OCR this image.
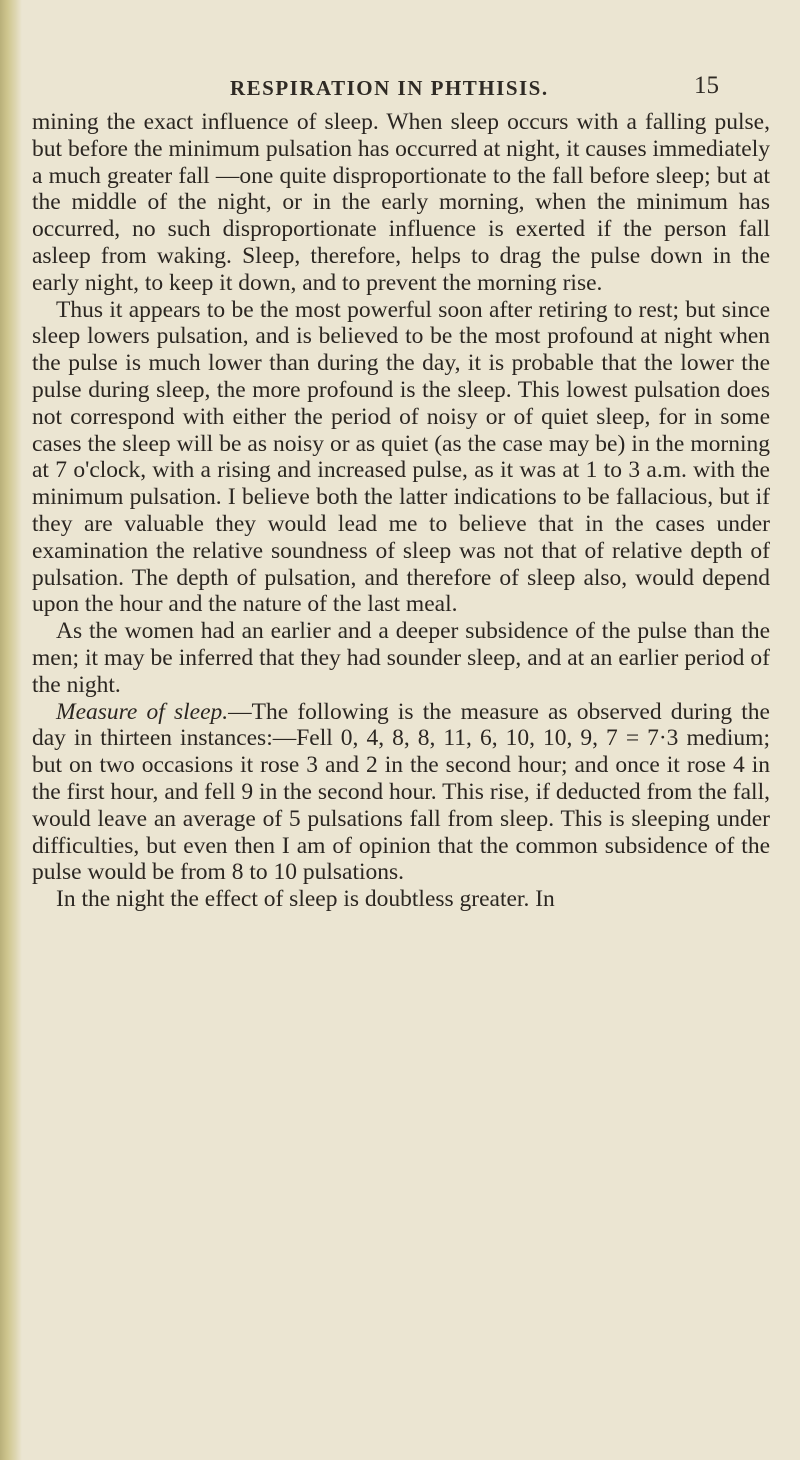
RESPIRATION IN PHTHISIS.	15

mining the exact influence of sleep. When sleep occurs with a falling pulse, but before the minimum pulsation has occurred at night, it causes immediately a much greater fall —one quite disproportionate to the fall before sleep; but at the middle of the night, or in the early morning, when the minimum has occurred, no such disproportionate influence is exerted if the person fall asleep from waking. Sleep, therefore, helps to drag the pulse down in the early night, to keep it down, and to prevent the morning rise.

Thus it appears to be the most powerful soon after retiring to rest; but since sleep lowers pulsation, and is believed to be the most profound at night when the pulse is much lower than during the day, it is probable that the lower the pulse during sleep, the more profound is the sleep. This lowest pulsation does not correspond with either the period of noisy or of quiet sleep, for in some cases the sleep will be as noisy or as quiet (as the case may be) in the morning at 7 o'clock, with a rising and increased pulse, as it was at 1 to 3 a.m. with the minimum pulsation. I believe both the latter indications to be fallacious, but if they are valuable they would lead me to believe that in the cases under examination the relative soundness of sleep was not that of relative depth of pulsation. The depth of pulsation, and therefore of sleep also, would depend upon the hour and the nature of the last meal.

As the women had an earlier and a deeper subsidence of the pulse than the men; it may be inferred that they had sounder sleep, and at an earlier period of the night.

Measure of sleep.—The following is the measure as observed during the day in thirteen instances:—Fell 0, 4, 8, 8, 11, 6, 10, 10, 9, 7 = 7·3 medium; but on two occasions it rose 3 and 2 in the second hour; and once it rose 4 in the first hour, and fell 9 in the second hour. This rise, if deducted from the fall, would leave an average of 5 pulsations fall from sleep. This is sleeping under difficulties, but even then I am of opinion that the common subsidence of the pulse would be from 8 to 10 pulsations.

In the night the effect of sleep is doubtless greater. In
